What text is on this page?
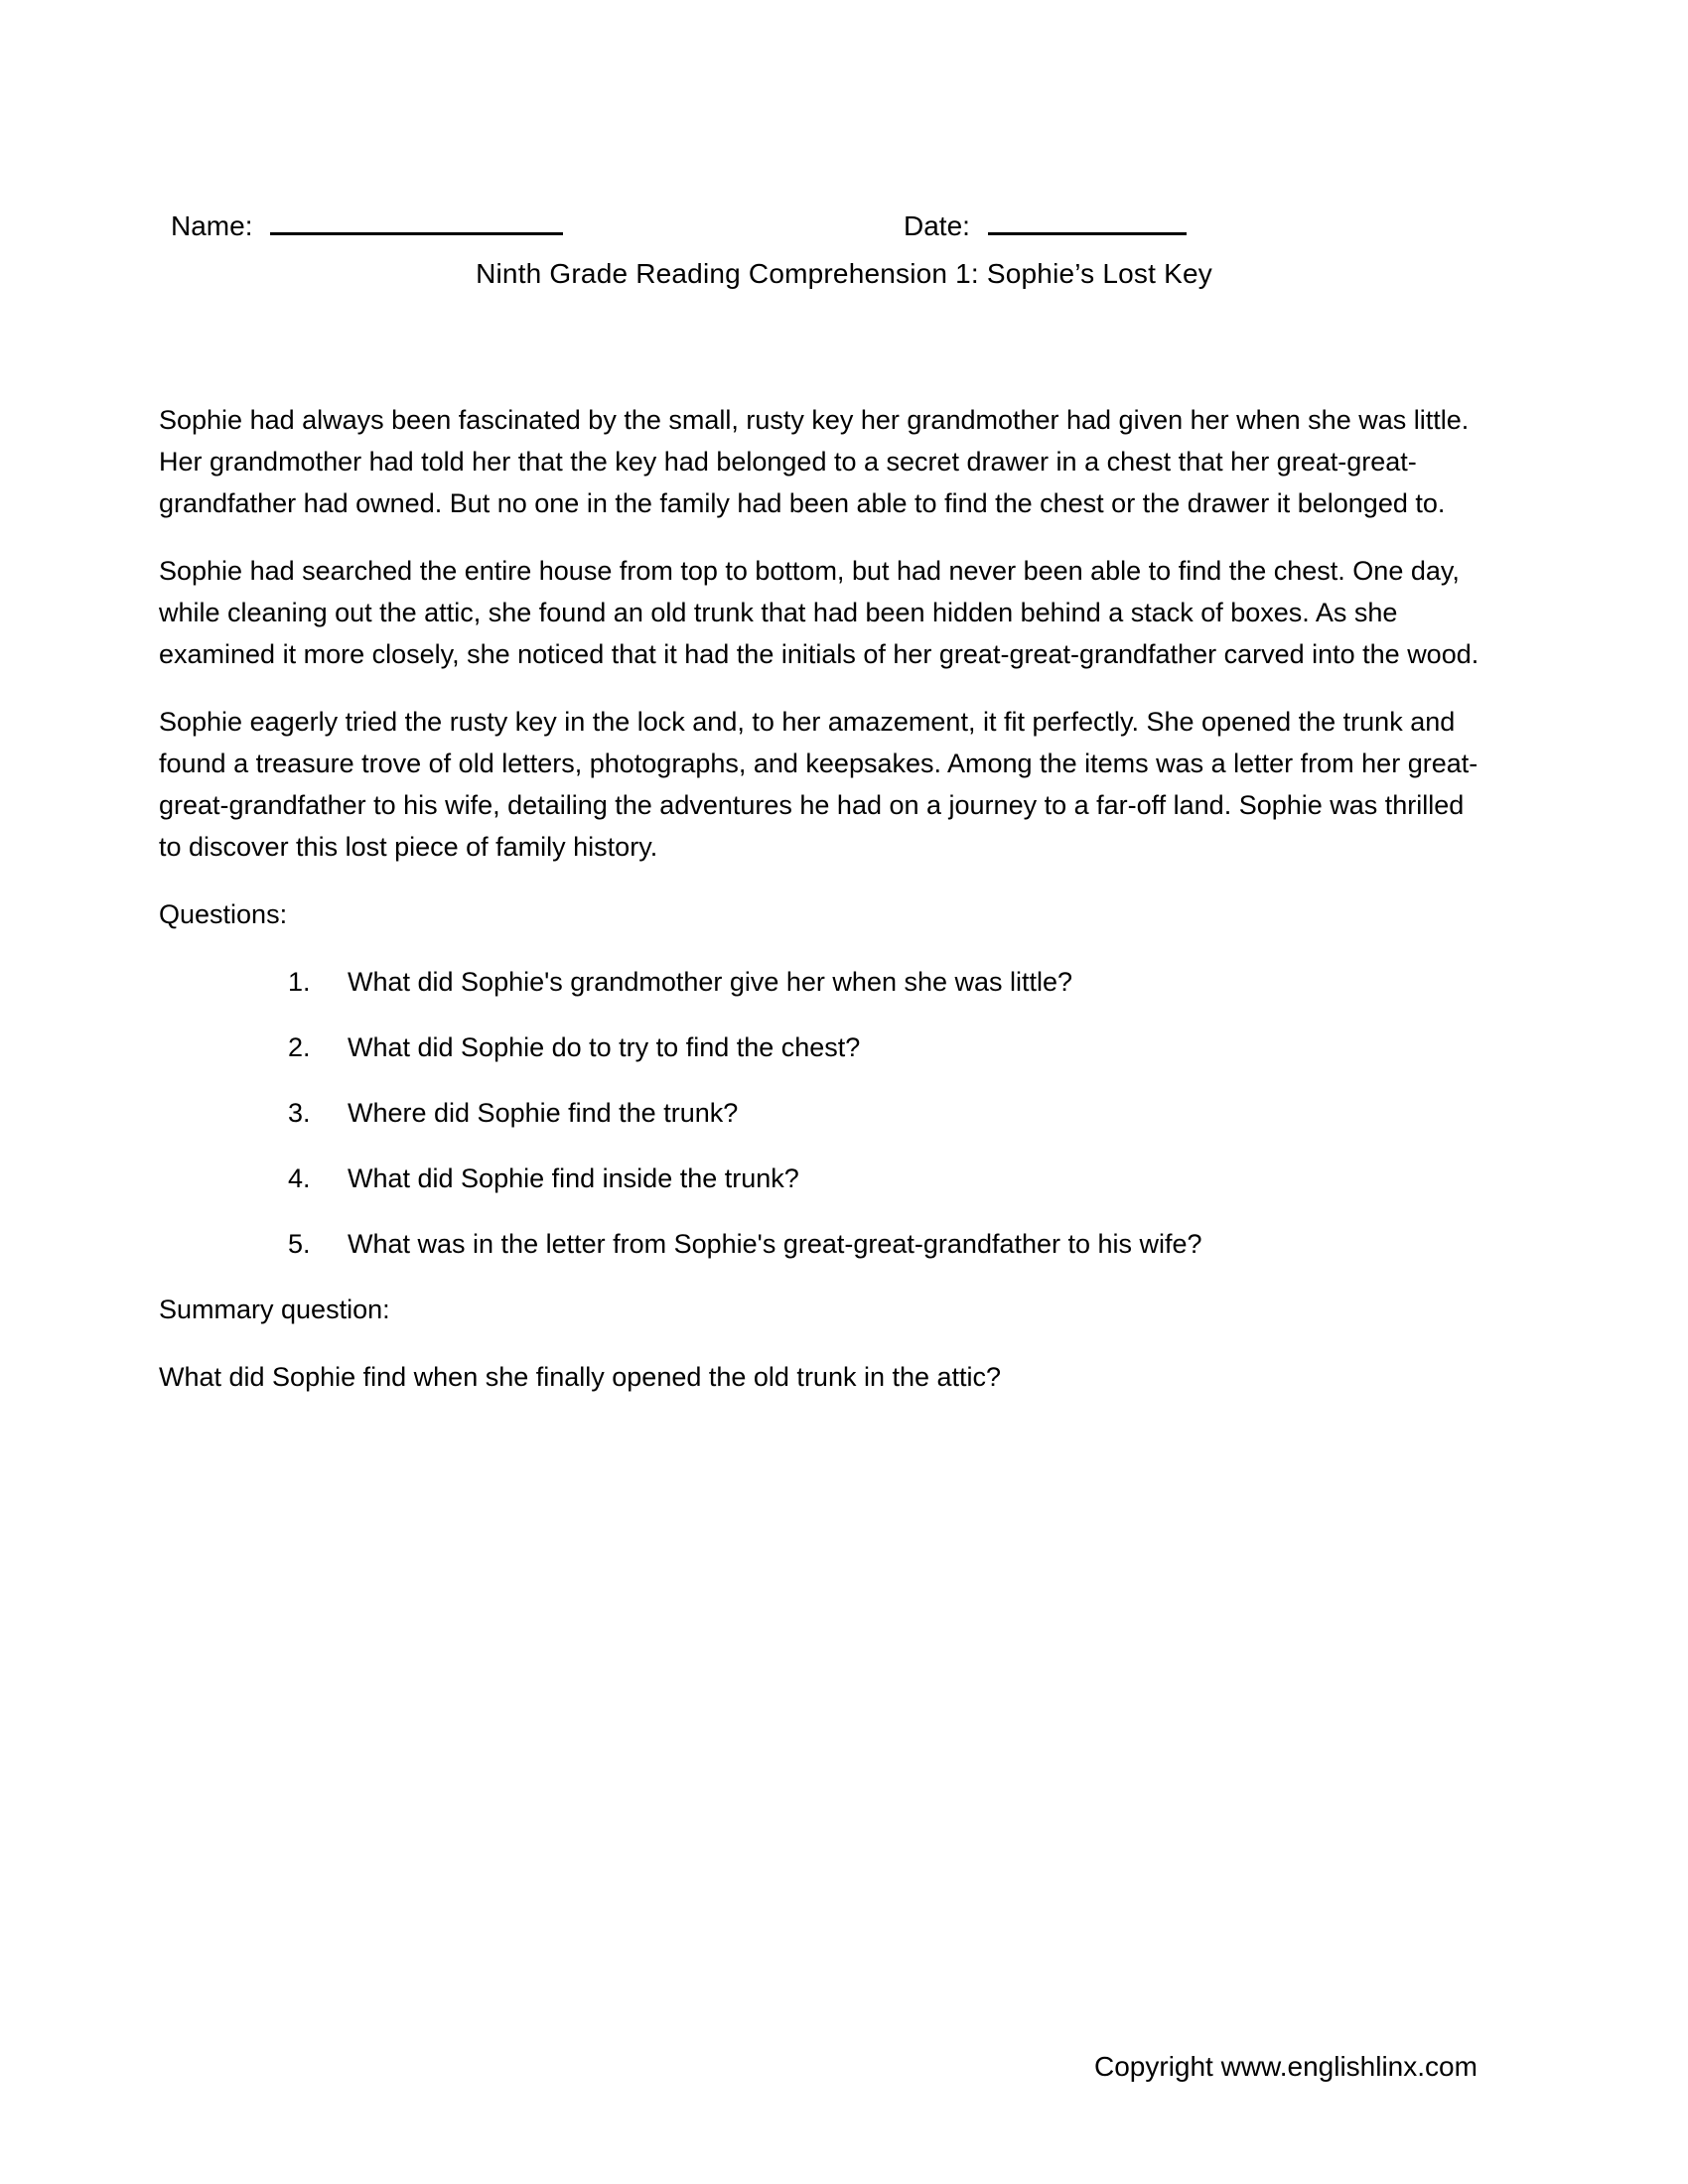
Name:	Date:
Ninth Grade Reading Comprehension 1: Sophie’s Lost Key

Sophie had always been fascinated by the small, rusty key her grandmother had given her when she was little. Her grandmother had told her that the key had belonged to a secret drawer in a chest that her great-great-grandfather had owned. But no one in the family had been able to find the chest or the drawer it belonged to.

Sophie had searched the entire house from top to bottom, but had never been able to find the chest. One day, while cleaning out the attic, she found an old trunk that had been hidden behind a stack of boxes. As she examined it more closely, she noticed that it had the initials of her great-great-grandfather carved into the wood.

Sophie eagerly tried the rusty key in the lock and, to her amazement, it fit perfectly. She opened the trunk and found a treasure trove of old letters, photographs, and keepsakes. Among the items was a letter from her great-great-grandfather to his wife, detailing the adventures he had on a journey to a far-off land. Sophie was thrilled to discover this lost piece of family history.

Questions:
1. What did Sophie's grandmother give her when she was little?
2. What did Sophie do to try to find the chest?
3. Where did Sophie find the trunk?
4. What did Sophie find inside the trunk?
5. What was in the letter from Sophie's great-great-grandfather to his wife?
Summary question:

What did Sophie find when she finally opened the old trunk in the attic?

Copyright www.englishlinx.com
